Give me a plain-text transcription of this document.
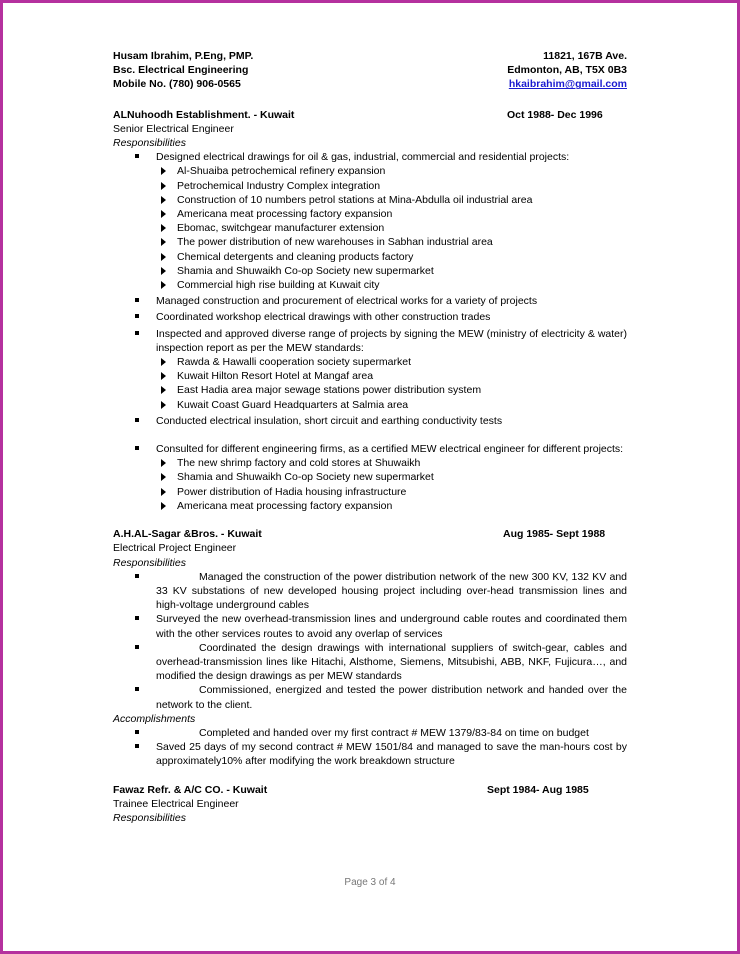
Husam Ibrahim, P.Eng, PMP.	11821, 167B Ave.
Bsc. Electrical Engineering	Edmonton, AB, T5X 0B3
Mobile No. (780) 906-0565	hkaibrahim@gmail.com
ALNuhoodh Establishment. - Kuwait	Oct 1988- Dec 1996
Senior Electrical Engineer
Responsibilities
Designed electrical drawings for oil & gas, industrial, commercial and residential projects:
Al-Shuaiba petrochemical refinery expansion
Petrochemical Industry Complex integration
Construction of 10 numbers petrol stations at Mina-Abdulla oil industrial area
Americana meat processing factory expansion
Ebomac, switchgear manufacturer extension
The power distribution of new warehouses in Sabhan industrial area
Chemical detergents and cleaning products factory
Shamia and Shuwaikh Co-op Society new supermarket
Commercial high rise building at Kuwait city
Managed construction and procurement of electrical works for a variety of projects
Coordinated workshop electrical drawings with other construction trades
Inspected and approved diverse range of projects by signing the MEW (ministry of electricity & water) inspection report as per the MEW standards:
Rawda & Hawalli cooperation society supermarket
Kuwait Hilton Resort Hotel at Mangaf area
East Hadia area major sewage stations power distribution system
Kuwait Coast Guard Headquarters at Salmia area
Conducted electrical insulation, short circuit and earthing conductivity tests
Consulted for different engineering firms, as a certified MEW electrical engineer for different projects:
The new shrimp factory and cold stores at Shuwaikh
Shamia and Shuwaikh Co-op Society new supermarket
Power distribution of Hadia housing infrastructure
Americana meat processing factory expansion
A.H.AL-Sagar &Bros. - Kuwait	Aug 1985- Sept 1988
Electrical Project Engineer
Responsibilities
Managed the construction of the power distribution network of the new 300 KV, 132 KV and 33 KV substations of new developed housing project including over-head transmission lines and high-voltage underground cables
Surveyed the new overhead-transmission lines and underground cable routes and coordinated them with the other services routes to avoid any overlap of services
Coordinated the design drawings with international suppliers of switch-gear, cables and overhead-transmission lines like Hitachi, Alsthome, Siemens, Mitsubishi, ABB, NKF, Fujicura…, and modified the design drawings as per MEW standards
Commissioned, energized and tested the power distribution network and handed over the network to the client.
Accomplishments
Completed and handed over my first contract # MEW 1379/83-84 on time on budget
Saved 25 days of my second contract # MEW 1501/84 and managed to save the man-hours cost by approximately10% after modifying the work breakdown structure
Fawaz Refr. & A/C CO. - Kuwait	Sept 1984- Aug 1985
Trainee Electrical Engineer
Responsibilities
Page 3 of 4
